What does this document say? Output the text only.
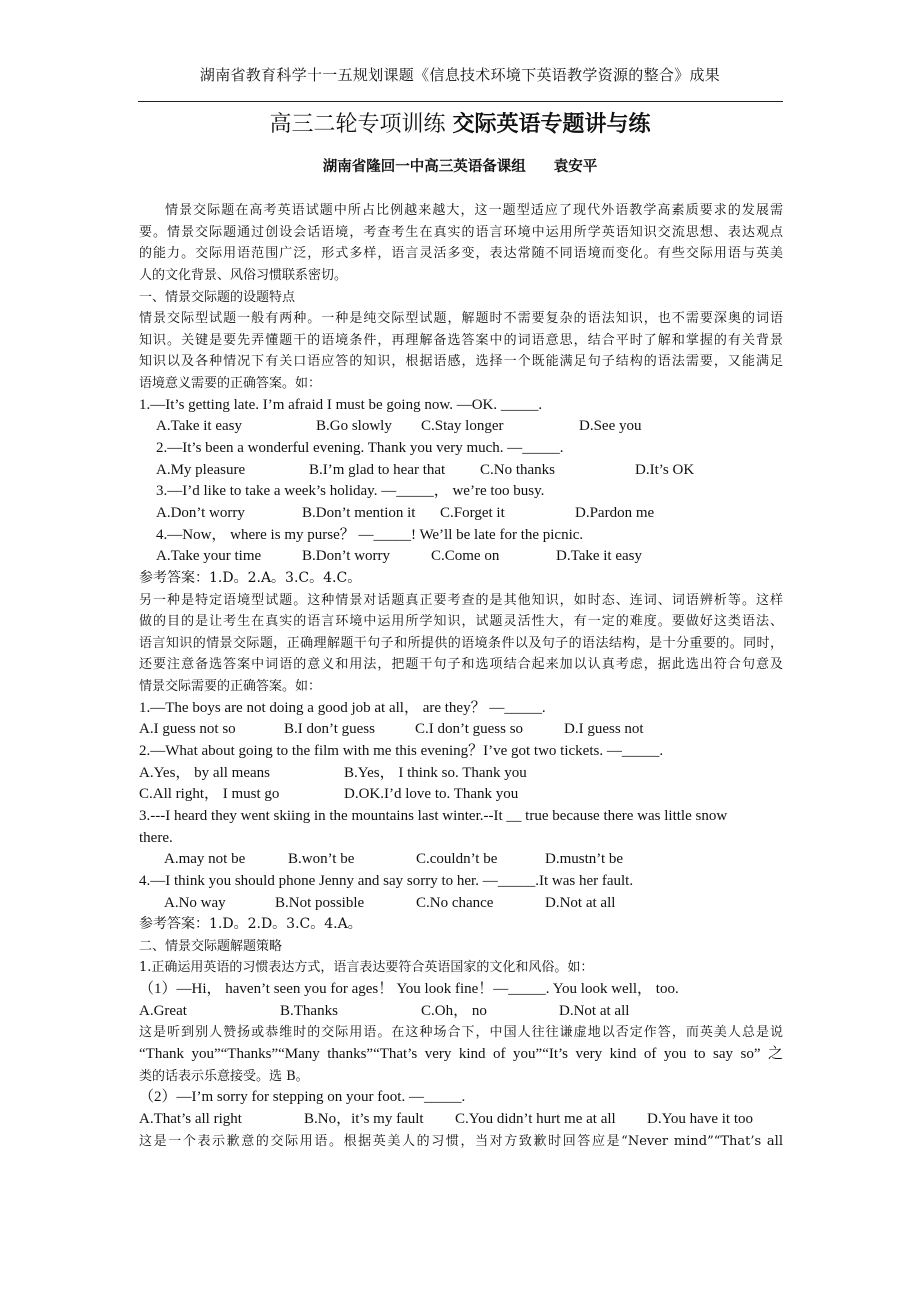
湖南省教育科学十一五规划课题《信息技术环境下英语教学资源的整合》成果
高三二轮专项训练 交际英语专题讲与练
湖南省隆回一中高三英语备课组 袁安平
情景交际题在高考英语试题中所占比例越来越大，这一题型适应了现代外语教学高素质要求的发展需
要。情景交际题通过创设会话语境，考查考生在真实的语言环境中运用所学英语知识交流思想、表达观点
的能力。交际用语范围广泛，形式多样，语言灵活多变，表达常随不同语境而变化。有些交际用语与英美
人的文化背景、风俗习惯联系密切。
一、情景交际题的设题特点
情景交际型试题一般有两种。一种是纯交际型试题，解题时不需要复杂的语法知识，也不需要深奥的词语
知识。关键是要先弄懂题干的语境条件，再理解备选答案中的词语意思，结合平时了解和掌握的有关背景
知识以及各种情况下有关口语应答的知识，根据语感，选择一个既能满足句子结构的语法需要，又能满足
语境意义需要的正确答案。如：
1.—It’s getting late. I’m afraid I must be going now. —OK. _____.
A.Take it easy	B.Go slowly C.Stay longer	D.See you
2.—It’s been a wonderful evening. Thank you very much. —_____.
A.My pleasure	B.I’m glad to hear that C.No thanks	D.It’s OK
3.—I’d like to take a week’s holiday. —_____， we’re too busy.
A.Don’t worry	B.Don’t mention it C.Forget it	D.Pardon me
4.—Now， where is my purse？ —_____! We’ll be late for the picnic.
A.Take your time	B.Don’t worry	C.Come on	D.Take it easy
参考答案：1.D。2.A。3.C。4.C。
另一种是特定语境型试题。这种情景对话题真正要考查的是其他知识，如时态、连词、词语辨析等。这样
做的目的是让考生在真实的语言环境中运用所学知识，试题灵活性大，有一定的难度。要做好这类语法、
语言知识的情景交际题，正确理解题干句子和所提供的语境条件以及句子的语法结构，是十分重要的。同时，
还要注意备选答案中词语的意义和用法，把题干句子和选项结合起来加以认真考虑，据此选出符合句意及
情景交际需要的正确答案。如：
1.—The boys are not doing a good job at all， are they？ —_____.
A.I guess not so	B.I don’t guess	C.I don’t guess so	D.I guess not
2.—What about going to the film with me this evening？I’ve got two tickets. —_____.
A.Yes， by all means	B.Yes， I think so. Thank you
C.All right， I must go	D.OK.I’d love to. Thank you
3.---I heard they went skiing in the mountains last winter.--It __ true because there was little snow
there.
A.may not be	B.won’t be	C.couldn’t be	D.mustn’t be
4.—I think you should phone Jenny and say sorry to her. —_____.It was her fault.
A.No way	B.Not possible	C.No chance	D.Not at all
参考答案：1.D。2.D。3.C。4.A。
二、情景交际题解题策略
1.正确运用英语的习惯表达方式，语言表达要符合英语国家的文化和风俗。如：
（1）—Hi， haven’t seen you for ages！ You look fine！—_____. You look well， too.
A.Great	B.Thanks	C.Oh， no	D.Not at all
这是听到别人赞扬或恭维时的交际用语。在这种场合下，中国人往往谦虚地以否定作答，而英美人总是说
“Thank you”“Thanks”“Many thanks”“That’s very kind of you”“It’s very kind of you to say so” 之
类的话表示乐意接受。选 B。
（2）—I’m sorry for stepping on your foot. —_____.
A.That’s all right	B.No，it’s my fault C.You didn’t hurt me at all D.You have it too
这是一个表示歉意的交际用语。根据英美人的习惯，当对方致歉时回答应是“Never mind”“That’s all
